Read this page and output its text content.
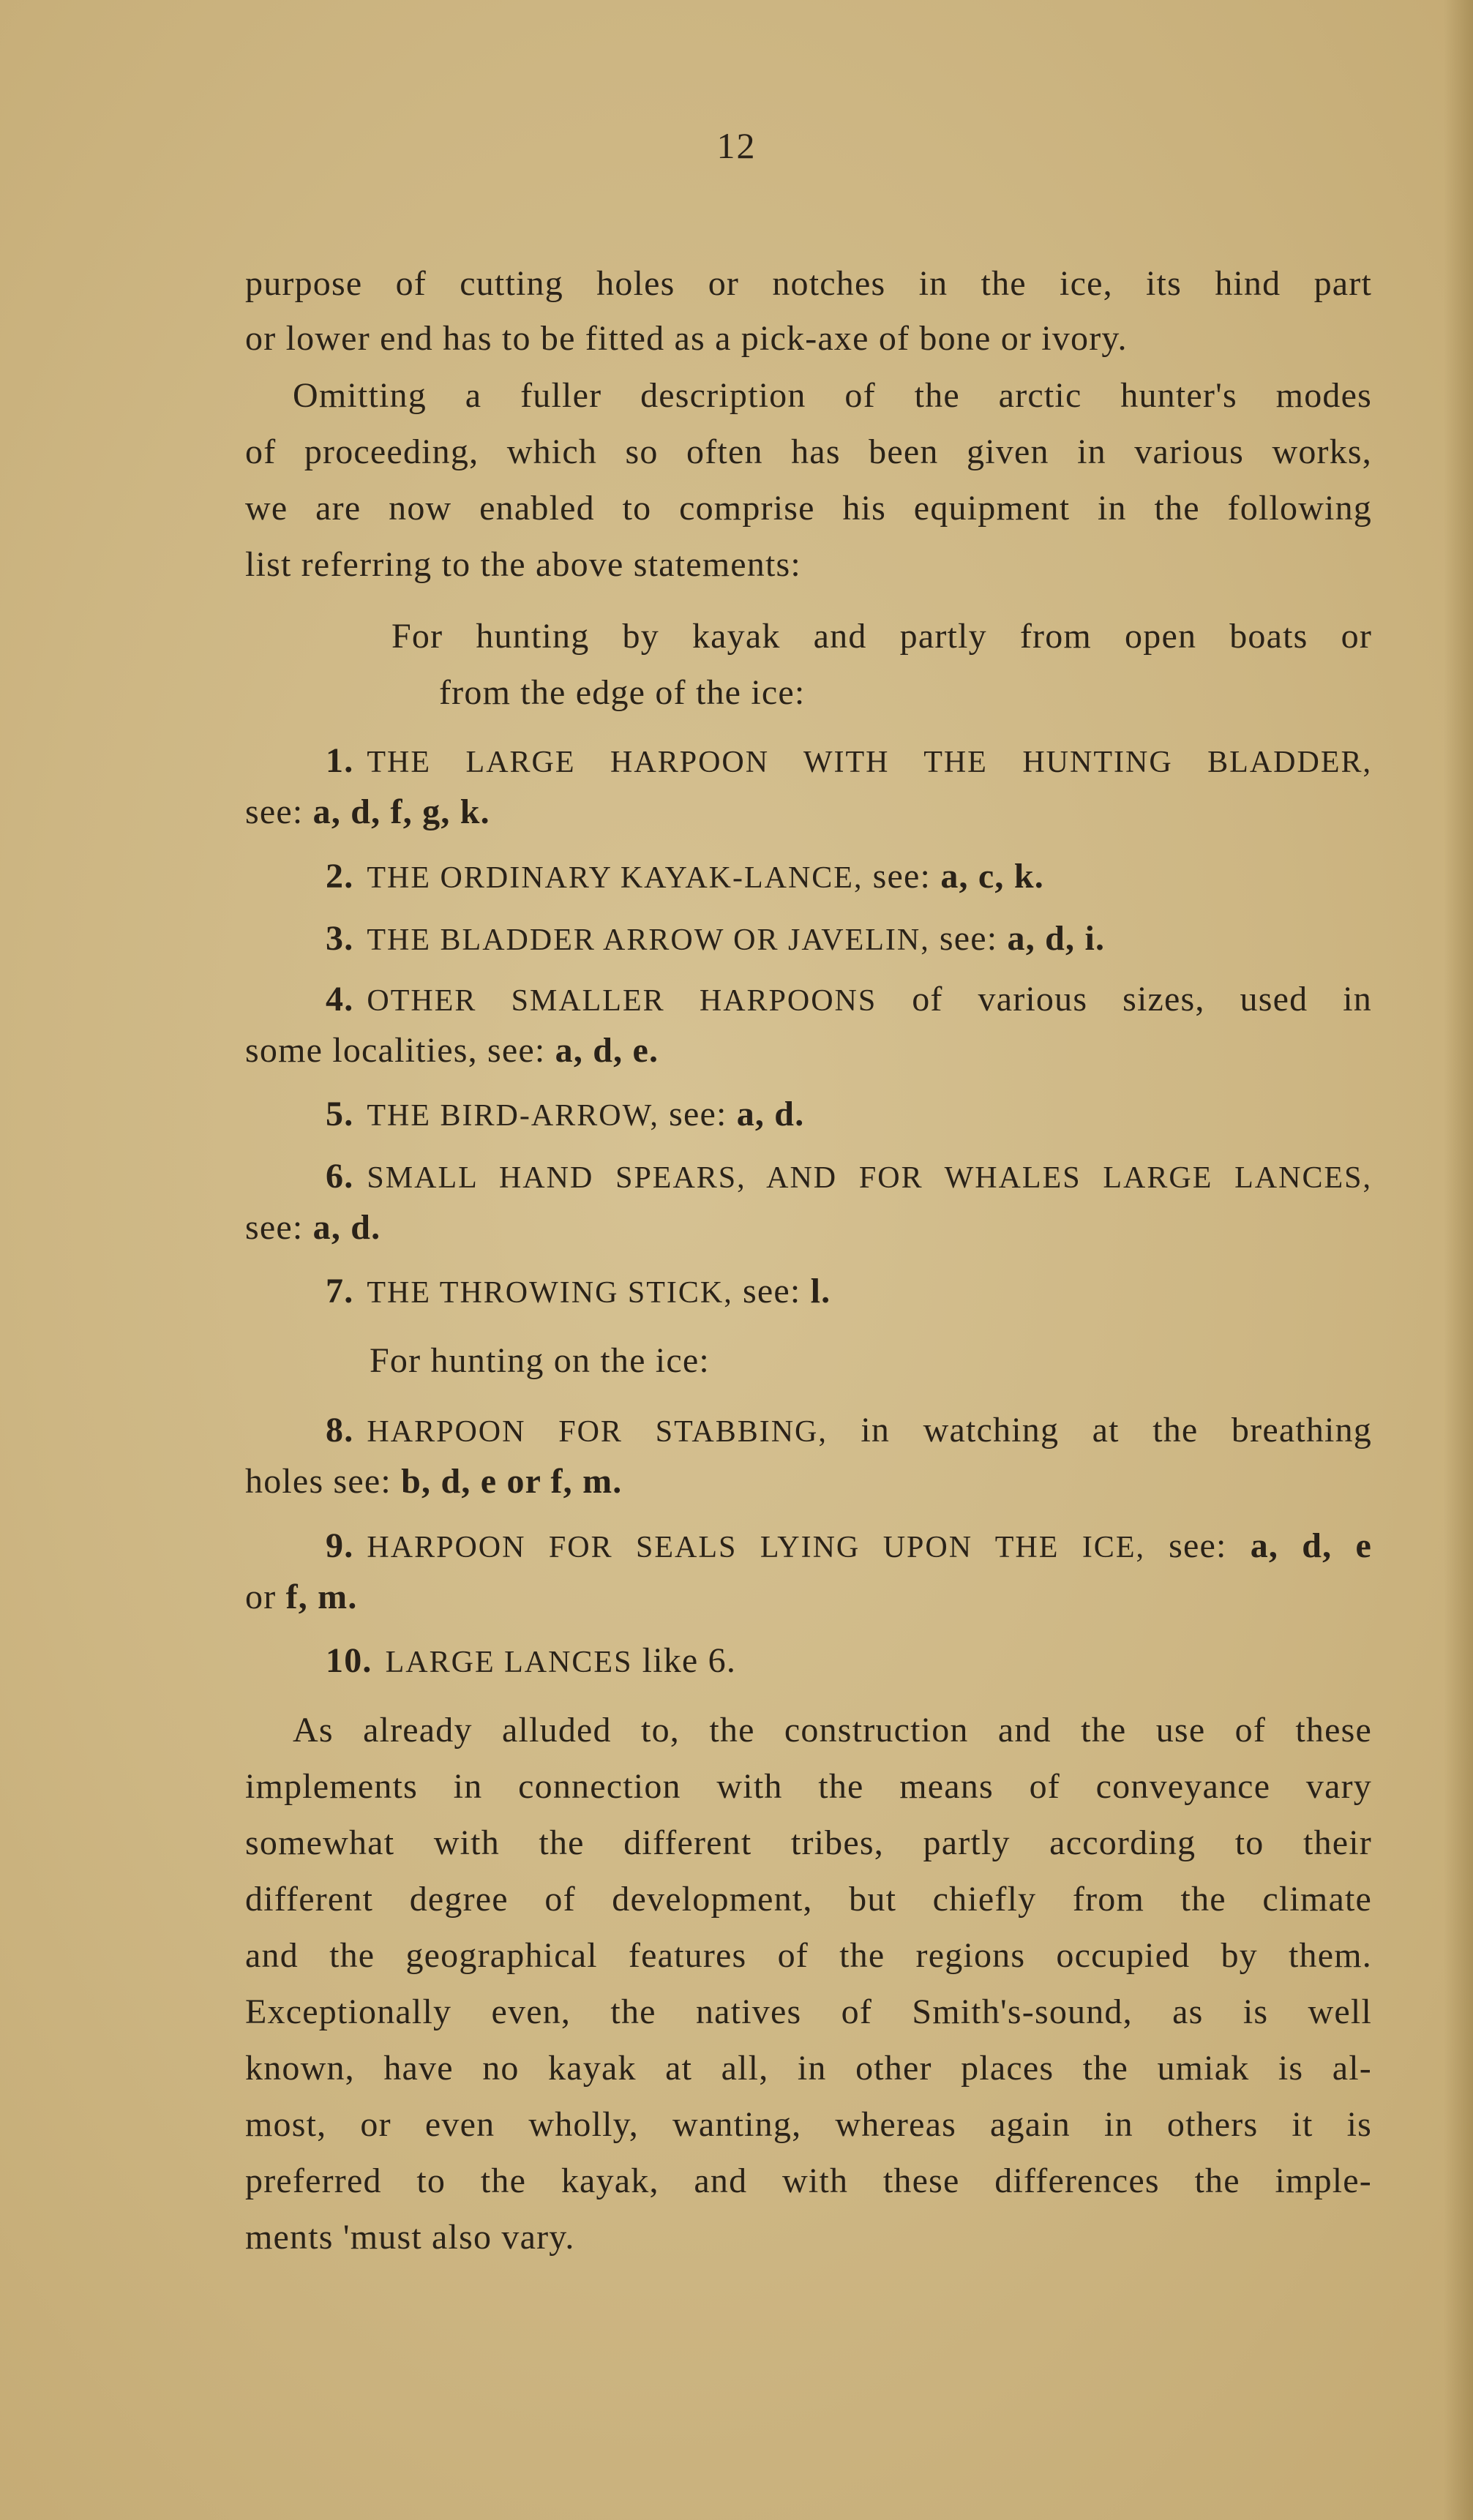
12
purpose of cutting holes or notches in the ice, its hind part
or lower end has to be fitted as a pick-axe of bone or ivory.
Omitting a fuller description of the arctic hunter's modes
of proceeding, which so often has been given in various works,
we are now enabled to comprise his equipment in the following
list referring to the above statements:
For hunting by kayak and partly from open boats or
from the edge of the ice:
1. THE LARGE HARPOON WITH THE HUNTING BLADDER,
see: a, d, f, g, k.
2. THE ORDINARY KAYAK-LANCE, see: a, c, k.
3. THE BLADDER ARROW OR JAVELIN, see: a, d, i.
4. OTHER SMALLER HARPOONS of various sizes, used in
some localities, see: a, d, e.
5. THE BIRD-ARROW, see: a, d.
6. SMALL HAND SPEARS, AND FOR WHALES LARGE LANCES,
see: a, d.
7. THE THROWING STICK, see: l.
For hunting on the ice:
8. HARPOON FOR STABBING, in watching at the breathing
holes see: b, d, e or f, m.
9. HARPOON FOR SEALS LYING UPON THE ICE, see: a, d, e
or f, m.
10. LARGE LANCES like 6.
As already alluded to, the construction and the use of these
implements in connection with the means of conveyance vary
somewhat with the different tribes, partly according to their
different degree of development, but chiefly from the climate
and the geographical features of the regions occupied by them.
Exceptionally even, the natives of Smith's-sound, as is well
known, have no kayak at all, in other places the umiak is al-
most, or even wholly, wanting, whereas again in others it is
preferred to the kayak, and with these differences the imple-
ments 'must also vary.
